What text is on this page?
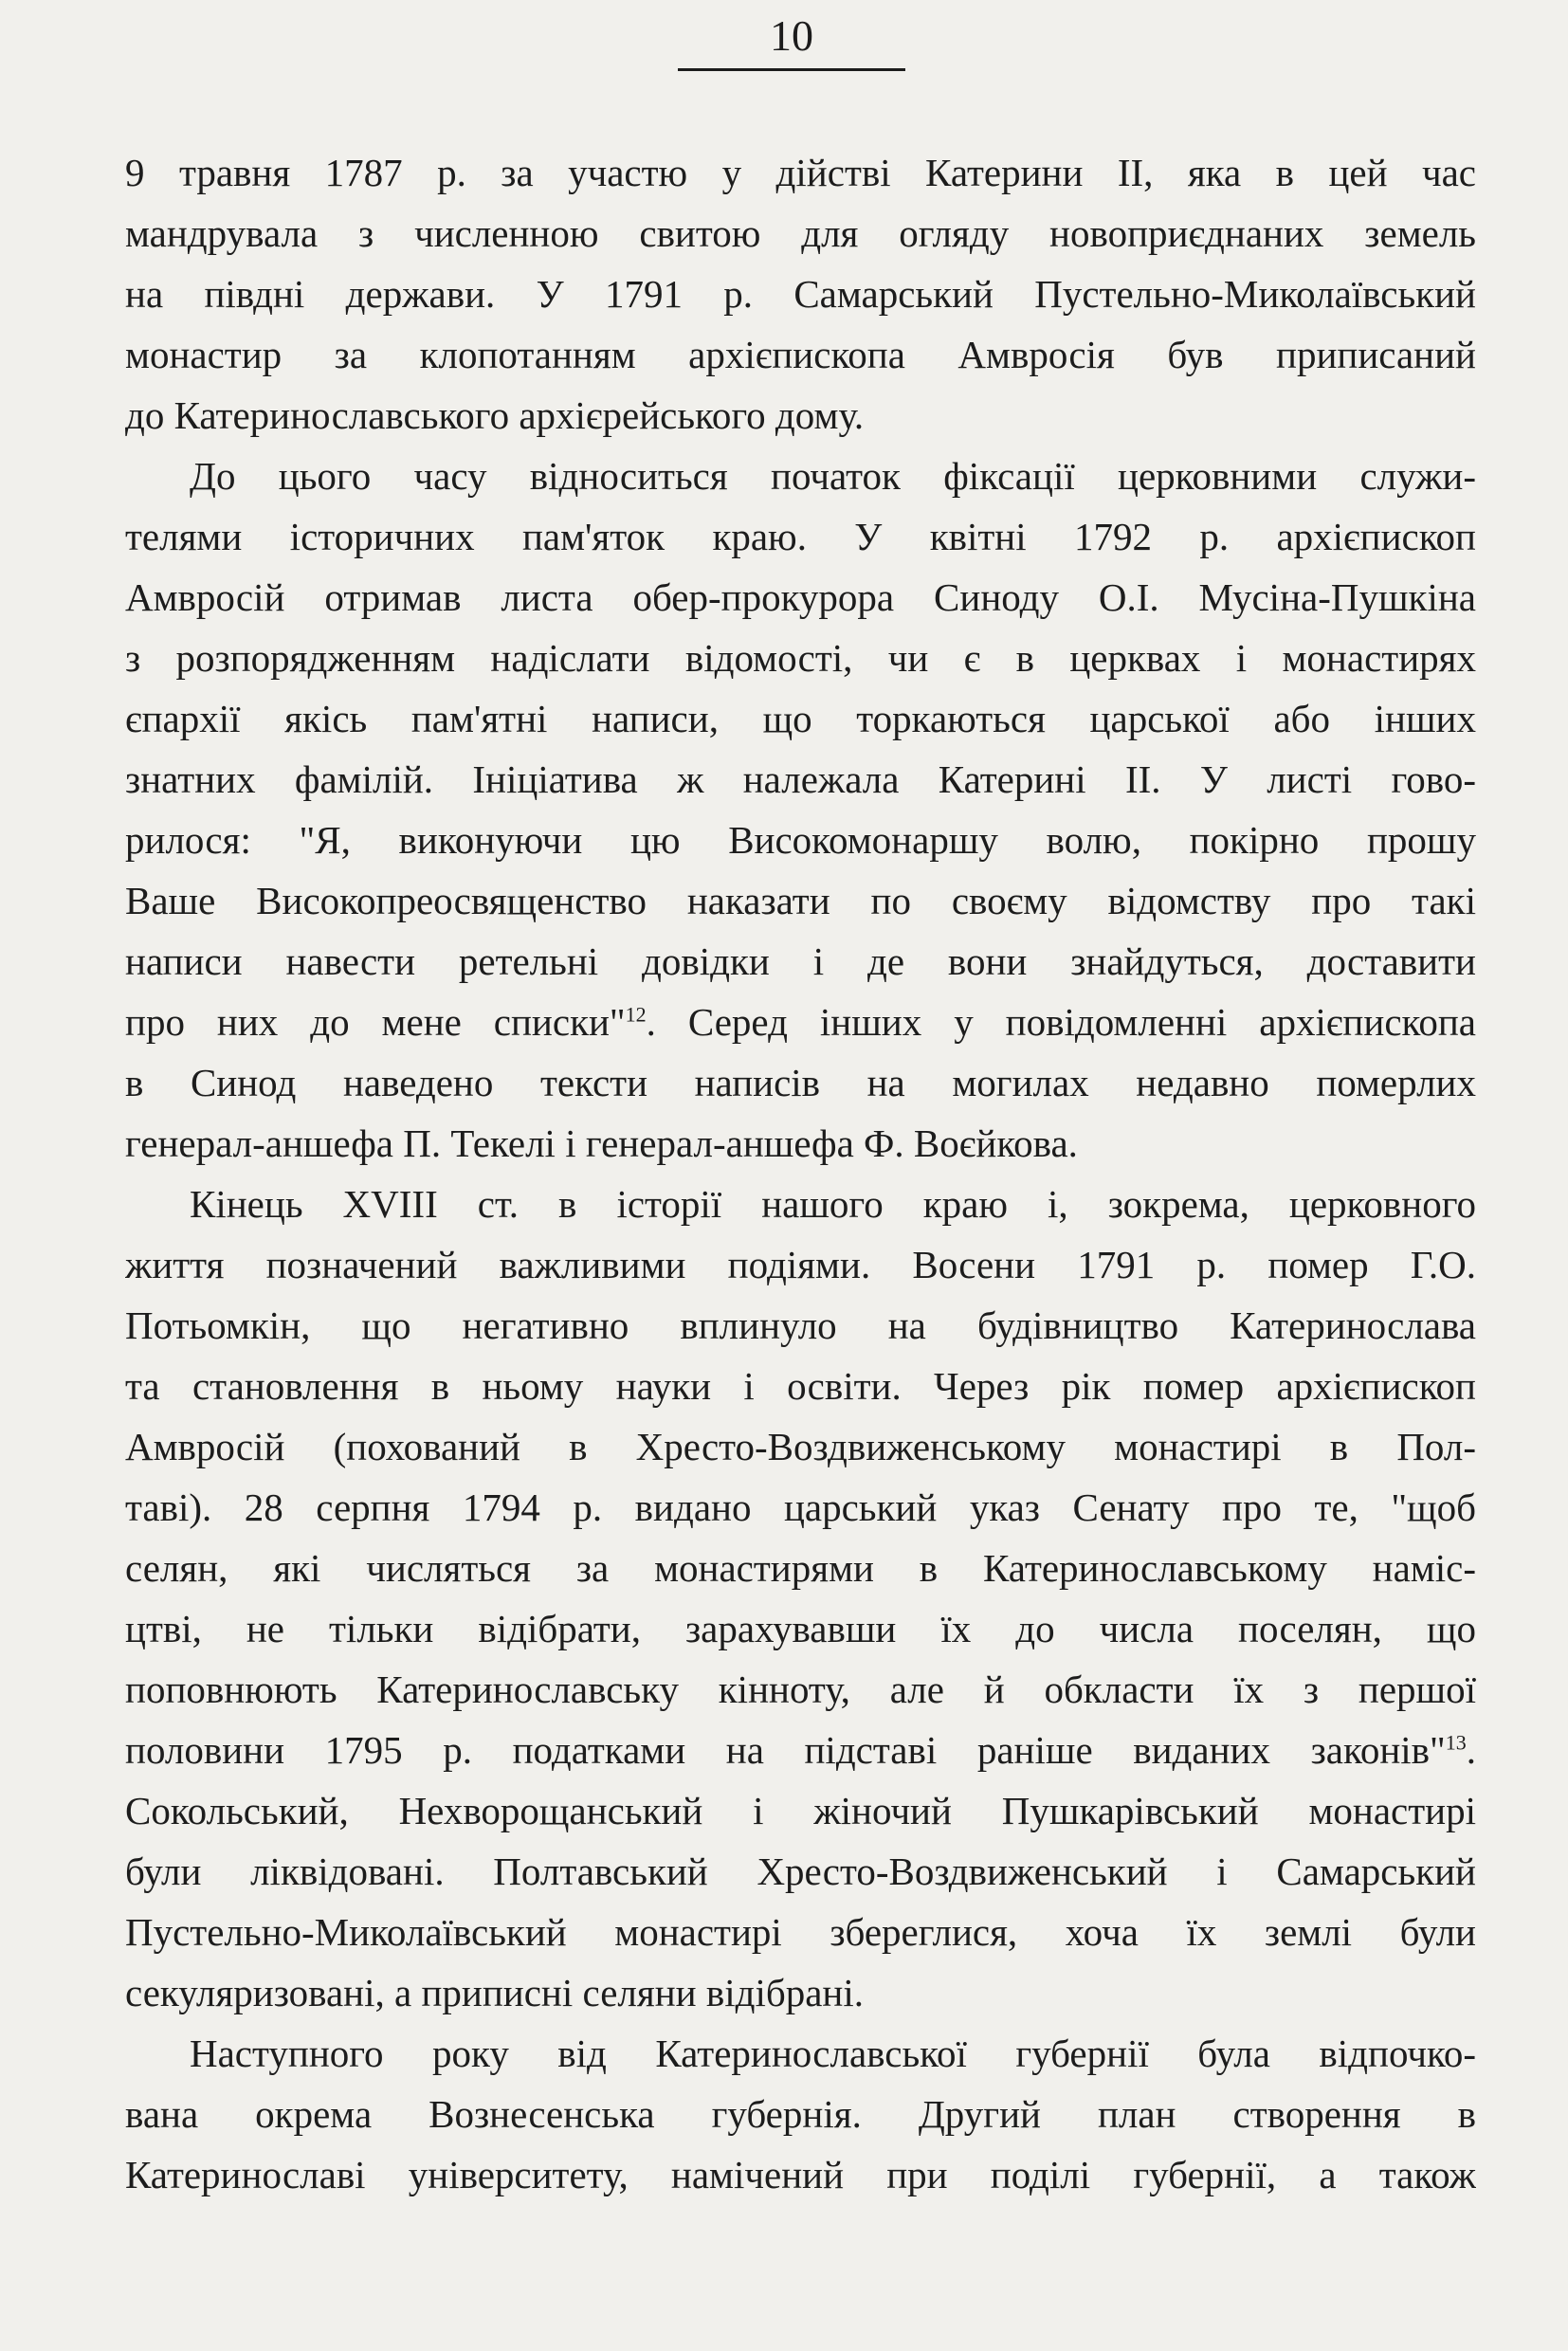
10
9 травня 1787 р. за участю у дійстві Катерини II, яка в цей час
мандрувала з численною свитою для огляду новоприєднаних земель
на півдні держави. У 1791 р. Самарський Пустельно-Миколаївський
монастир за клопотанням архієпископа Амвросія був приписаний
до Катеринославського архієрейського дому.
До цього часу відноситься початок фіксації церковними служи-
телями історичних пам'яток краю. У квітні 1792 р. архієпископ
Амвросій отримав листа обер-прокурора Синоду О.І. Мусіна-Пушкіна
з розпорядженням надіслати відомості, чи є в церквах і монастирях
єпархії якісь пам'ятні написи, що торкаються царської або інших
знатних фамілій. Ініціатива ж належала Катерині II. У листі гово-
рилося: "Я, виконуючи цю Високомонаршу волю, покірно прошу
Ваше Високопреосвященство наказати по своєму відомству про такі
написи навести ретельні довідки і де вони знайдуться, доставити
про них до мене списки"$^{12}$. Серед інших у повідомленні архієпископа
в Синод наведено тексти написів на могилах недавно померлих
генерал-аншефа П. Текелі і генерал-аншефа Ф. Воєйкова.
Кінець XVIII ст. в історії нашого краю і, зокрема, церковного
життя позначений важливими подіями. Восени 1791 р. помер Г.О.
Потьомкін, що негативно вплинуло на будівництво Катеринослава
та становлення в ньому науки і освіти. Через рік помер архієпископ
Амвросій (похований в Хресто-Воздвиженському монастирі в Пол-
таві). 28 серпня 1794 р. видано царський указ Сенату про те, "щоб
селян, які числяться за монастирями в Катеринославському наміс-
цтві, не тільки відібрати, зарахувавши їх до числа поселян, що
поповнюють Катеринославську кінноту, але й обкласти їх з першої
половини 1795 р. податками на підставі раніше виданих законів"$^{13}$.
Сокольський, Нехворощанський і жіночий Пушкарівський монастирі
були ліквідовані. Полтавський Хресто-Воздвиженський і Самарський
Пустельно-Миколаївський монастирі збереглися, хоча їх землі були
секуляризовані, а приписні селяни відібрані.
Наступного року від Катеринославської губернії була відпочко-
вана окрема Вознесенська губернія. Другий план створення в
Катеринославі університету, намічений при поділі губернії, а також
